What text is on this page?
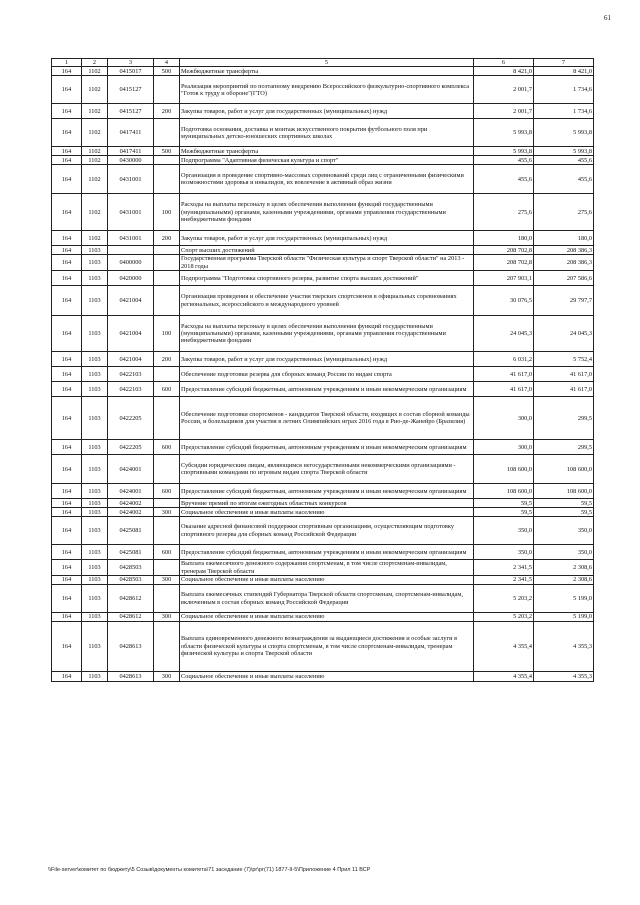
61
1	2	3	4	5	6	7
164	1102	0415017	500	Межбюджетные трансферты	8 421,0	8 421,0
164	1102	0415127		Реализация мероприятий по поэтапному внедрению Всероссийского физкультурно-спортивного комплекса "Готов к труду и обороне"(ГТО)	2 001,7	1 734,6
164	1102	0415127	200	Закупка товаров, работ и услуг для государственных (муниципальных) нужд	2 001,7	1 734,6
164	1102	0417411		Подготовка основания, доставка и монтаж искусственного покрытия футбольного поля при муниципальных детско-юношеских спортивных школах	5 993,8	5 993,8
164	1102	0417411	500	Межбюджетные трансферты	5 993,8	5 993,8
164	1102	0430000		Подпрограмма "Адаптивная физическая культура и спорт"	455,6	455,6
164	1102	0431001		Организация и проведение спортивно-массовых соревнований среди лиц с ограниченными физическими возможностями здоровья и инвалидов, их вовлечение в активный образ жизни	455,6	455,6
164	1102	0431001	100	Расходы на выплаты персоналу в целях обеспечения выполнения функций государственными (муниципальными) органами, казенными учреждениями, органами управления государственными внебюджетными фондами	275,6	275,6
164	1102	0431001	200	Закупка товаров, работ и услуг для государственных (муниципальных) нужд	180,0	180,0
164	1103			Спорт высших достижений	208 702,8	208 386,3
164	1103	0400000		Государственная программа Тверской области "Физическая культура и спорт Тверской области" на 2013 - 2018 годы	208 702,8	208 386,3
164	1103	0420000		Подпрограмма "Подготовка спортивного резерва, развитие спорта высших достижений"	207 903,1	207 586,6
164	1103	0421004		Организация проведения и обеспечение участия тверских спортсменов в официальных соревнованиях региональных, всероссийского и международного уровней	30 076,5	29 797,7
164	1103	0421004	100	Расходы на выплаты персоналу в целях обеспечения выполнения функций государственными (муниципальными) органами, казенными учреждениями, органами управления государственными внебюджетными фондами	24 045,3	24 045,3
164	1103	0421004	200	Закупка товаров, работ и услуг для государственных (муниципальных) нужд	6 031,2	5 752,4
164	1103	0422103		Обеспечение подготовки резерва для сборных команд России по видам спорта	41 617,0	41 617,0
164	1103	0422103	600	Предоставление субсидий бюджетным, автономным учреждениям и иным некоммерческим организациям	41 617,0	41 617,0
164	1103	0422205		Обеспечение подготовки спортсменов - кандидатов Тверской области, входящих в состав сборной команды России, и болельщиков для участия в летних Олимпийских играх 2016 года в Рио-де-Жанейро (Бразилия)	300,0	299,5
164	1103	0422205	600	Предоставление субсидий бюджетным, автономным учреждениям и иным некоммерческим организациям	300,0	299,5
164	1103	0424001		Субсидии юридическим лицам, являющимся негосударственными некоммерческими организациями - спортивными командами по игровым видам спорта Тверской области	108 600,0	108 600,0
164	1103	0424001	600	Предоставление субсидий бюджетным, автономным учреждениям и иным некоммерческим организациям	108 600,0	108 600,0
164	1103	0424002		Вручение премий по итогам ежегодных областных конкурсов	59,5	59,5
164	1103	0424002	300	Социальное обеспечение и иные выплаты населению	59,5	59,5
164	1103	0425081		Оказание адресной финансовой поддержки спортивным организациям, осуществляющим подготовку спортивного резерва для сборных команд Российской Федерации	350,0	350,0
164	1103	0425081	600	Предоставление субсидий бюджетным, автономным учреждениям и иным некоммерческим организациям	350,0	350,0
164	1103	0428503		Выплата ежемесячного денежного содержания спортсменам, в том числе спортсменам-инвалидам, тренерам Тверской области	2 341,5	2 308,6
164	1103	0428503	300	Социальное обеспечение и иные выплаты населению	2 341,5	2 308,6
164	1103	0428612		Выплата ежемесячных стипендий Губернатора Тверской области спортсменам, спортсменам-инвалидам, включенным в состав сборных команд Российской Федерации	5 203,2	5 199,0
164	1103	0428612	300	Социальное обеспечение и иные выплаты населению	5 203,2	5 199,0
164	1103	0428613		Выплата единовременного денежного вознаграждения за выдающиеся достижения и особые заслуги в области физической культуры и спорта спортсменам, в том числе спортсменам-инвалидам, тренерам физической культуры и спорта Тверской области	4 355,4	4 355,3
164	1103	0428613	300	Социальное обеспечение и иные выплаты населению	4 355,4	4 355,3
\\File-server\комитет по бюджету\5 Созыв\документы комитета\71 заседание (7)\рг\рг(71) 1877-II-5\Приложение 4 Прил 11 ВСР
